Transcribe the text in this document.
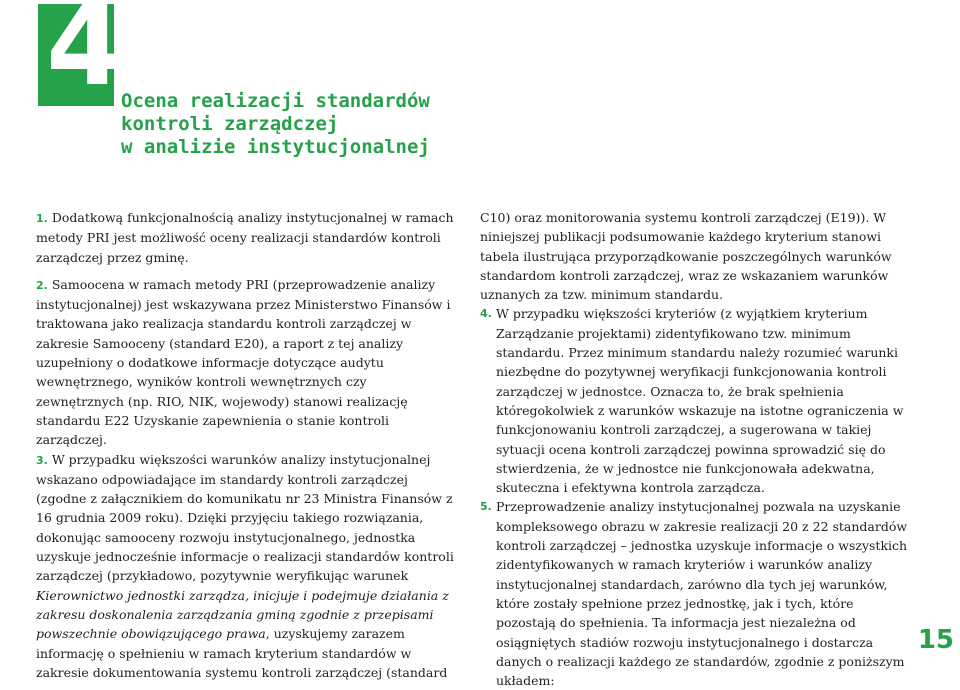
4 Ocena realizacji standardów
kontroli zarządczej
w analizie instytucjonalnej

1. Dodatkową funkcjonalnością analizy instytucjonalnej w ramach metody PRI jest możliwość oceny realizacji standardów kontroli zarządczej przez gminę.

2. Samoocena w ramach metody PRI (przeprowadzenie analizy instytucjonalnej) jest wskazywana przez Ministerstwo Finansów i traktowana jako realizacja standardu kontroli zarządczej w zakresie Samooceny (standard E20), a raport z tej analizy uzupełniony o dodatkowe informacje dotyczące audytu wewnętrznego, wyników kontroli wewnętrznych czy zewnętrznych (np. RIO, NIK, wojewody) stanowi realizację standardu E22 Uzyskanie zapewnienia o stanie kontroli zarządczej.

3. W przypadku większości warunków analizy instytucjonalnej wskazano odpowiadające im standardy kontroli zarządczej (zgodne z załącznikiem do komunikatu nr 23 Ministra Finansów z 16 grudnia 2009 roku). Dzięki przyjęciu takiego rozwiązania, dokonując samooceny rozwoju instytucjonalnego, jednostka uzyskuje jednocześnie informacje o realizacji standardów kontroli zarządczej (przykładowo, pozytywnie weryfikując warunek Kierownictwo jednostki zarządza, inicjuje i podejmuje działania z zakresu doskonalenia zarządzania gminą zgodnie z przepisami powszechnie obowiązującego prawa, uzyskujemy zarazem informację o spełnieniu w ramach kryterium standardów w zakresie dokumentowania systemu kontroli zarządczej (standard

C10) oraz monitorowania systemu kontroli zarządczej (E19)). W niniejszej publikacji podsumowanie każdego kryterium stanowi tabela ilustrująca przyporządkowanie poszczególnych warunków standardom kontroli zarządczej, wraz ze wskazaniem warunków uznanych za tzw. minimum standardu.

4. W przypadku większości kryteriów (z wyjątkiem kryterium Zarządzanie projektami) zidentyfikowano tzw. minimum standardu. Przez minimum standardu należy rozumieć warunki niezbędne do pozytywnej weryfikacji funkcjonowania kontroli zarządczej w jednostce. Oznacza to, że brak spełnienia któregokolwiek z warunków wskazuje na istotne ograniczenia w funkcjonowaniu kontroli zarządczej, a sugerowana w takiej sytuacji ocena kontroli zarządczej powinna sprowadzić się do stwierdzenia, że w jednostce nie funkcjonowała adekwatna, skuteczna i efektywna kontrola zarządcza.

5. Przeprowadzenie analizy instytucjonalnej pozwala na uzyskanie kompleksowego obrazu w zakresie realizacji 20 z 22 standardów kontroli zarządczej – jednostka uzyskuje informacje o wszystkich zidentyfikowanych w ramach kryteriów i warunków analizy instytucjonalnej standardach, zarówno dla tych jej warunków, które zostały spełnione przez jednostkę, jak i tych, które pozostają do spełnienia. Ta informacja jest niezależna od osiągniętych stadiów rozwoju instytucjonalnego i dostarcza danych o realizacji każdego ze standardów, zgodnie z poniższym układem:

15
